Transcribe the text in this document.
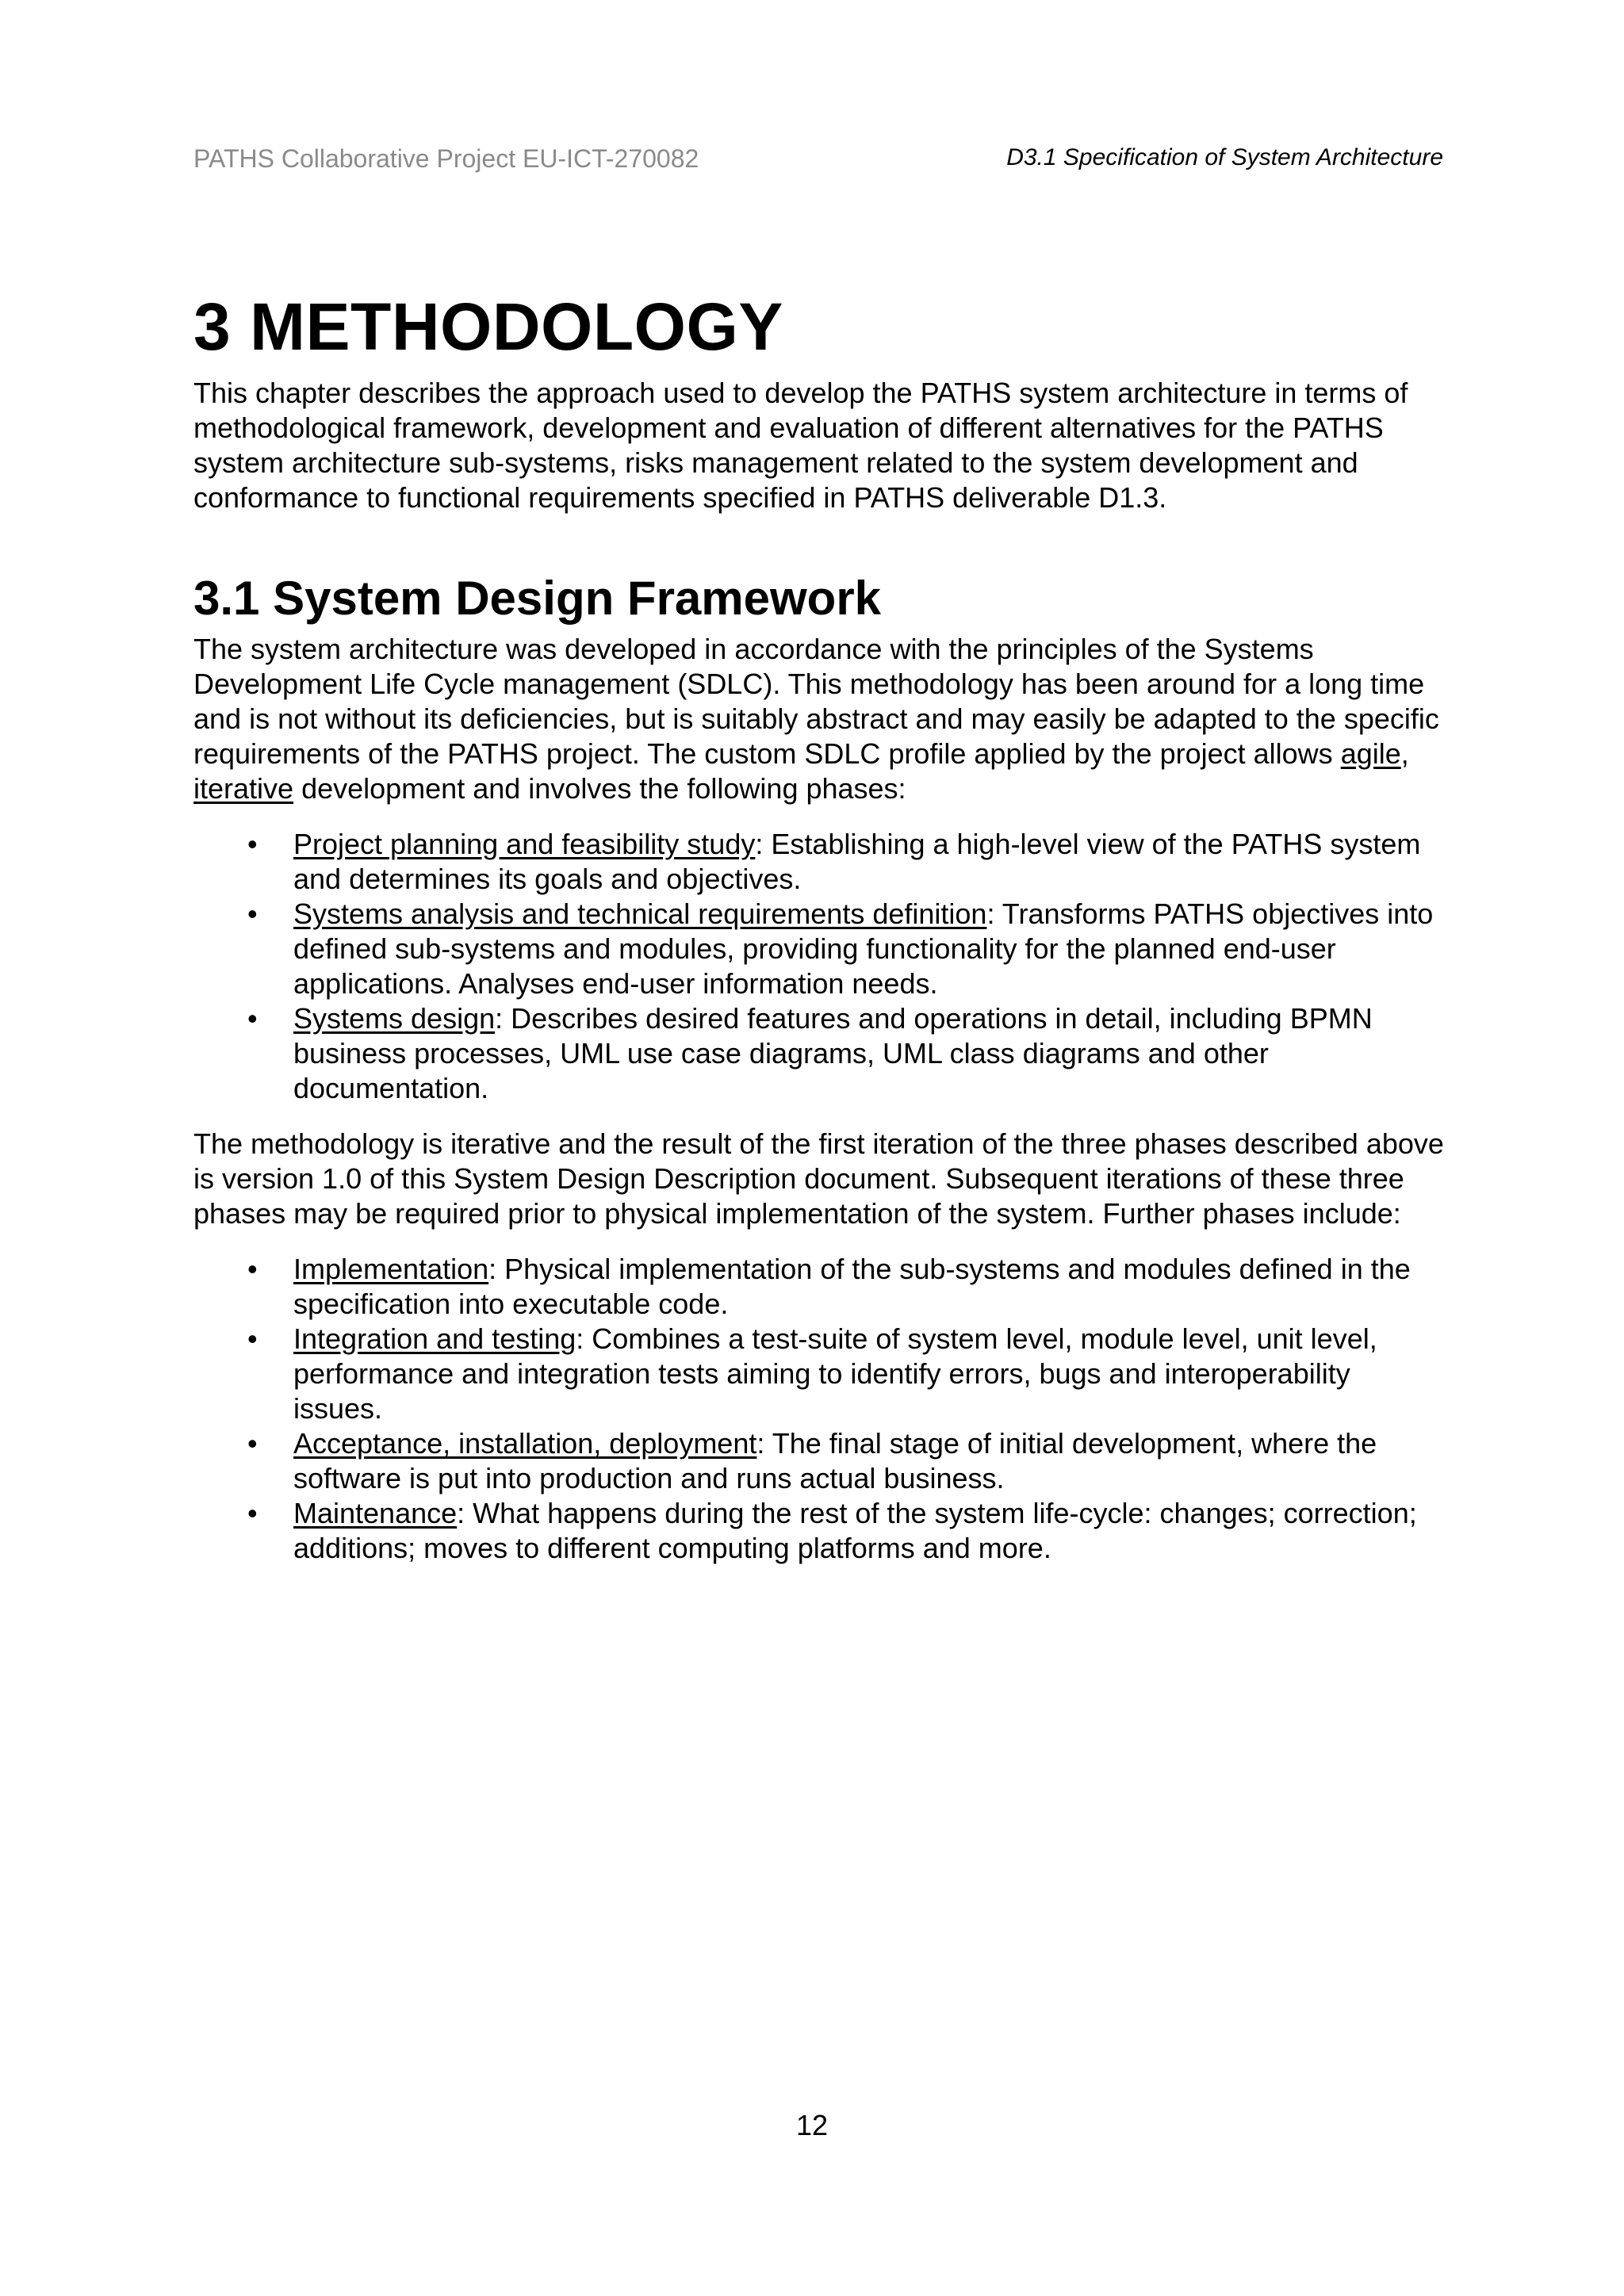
PATHS Collaborative Project EU-ICT-270082	D3.1 Specification of System Architecture
3 METHODOLOGY

This chapter describes the approach used to develop the PATHS system architecture in terms of methodological framework, development and evaluation of different alternatives for the PATHS system architecture sub-systems, risks management related to the system development and conformance to functional requirements specified in PATHS deliverable D1.3.

3.1 System Design Framework

The system architecture was developed in accordance with the principles of the Systems Development Life Cycle management (SDLC). This methodology has been around for a long time and is not without its deficiencies, but is suitably abstract and may easily be adapted to the specific requirements of the PATHS project. The custom SDLC profile applied by the project allows agile, iterative development and involves the following phases:

• Project planning and feasibility study: Establishing a high-level view of the PATHS system and determines its goals and objectives.
• Systems analysis and technical requirements definition: Transforms PATHS objectives into defined sub-systems and modules, providing functionality for the planned end-user applications. Analyses end-user information needs.
• Systems design: Describes desired features and operations in detail, including BPMN business processes, UML use case diagrams, UML class diagrams and other documentation.

The methodology is iterative and the result of the first iteration of the three phases described above is version 1.0 of this System Design Description document. Subsequent iterations of these three phases may be required prior to physical implementation of the system. Further phases include:

• Implementation: Physical implementation of the sub-systems and modules defined in the specification into executable code.
• Integration and testing: Combines a test-suite of system level, module level, unit level, performance and integration tests aiming to identify errors, bugs and interoperability issues.
• Acceptance, installation, deployment: The final stage of initial development, where the software is put into production and runs actual business.
• Maintenance: What happens during the rest of the system life-cycle: changes; correction; additions; moves to different computing platforms and more.
12
